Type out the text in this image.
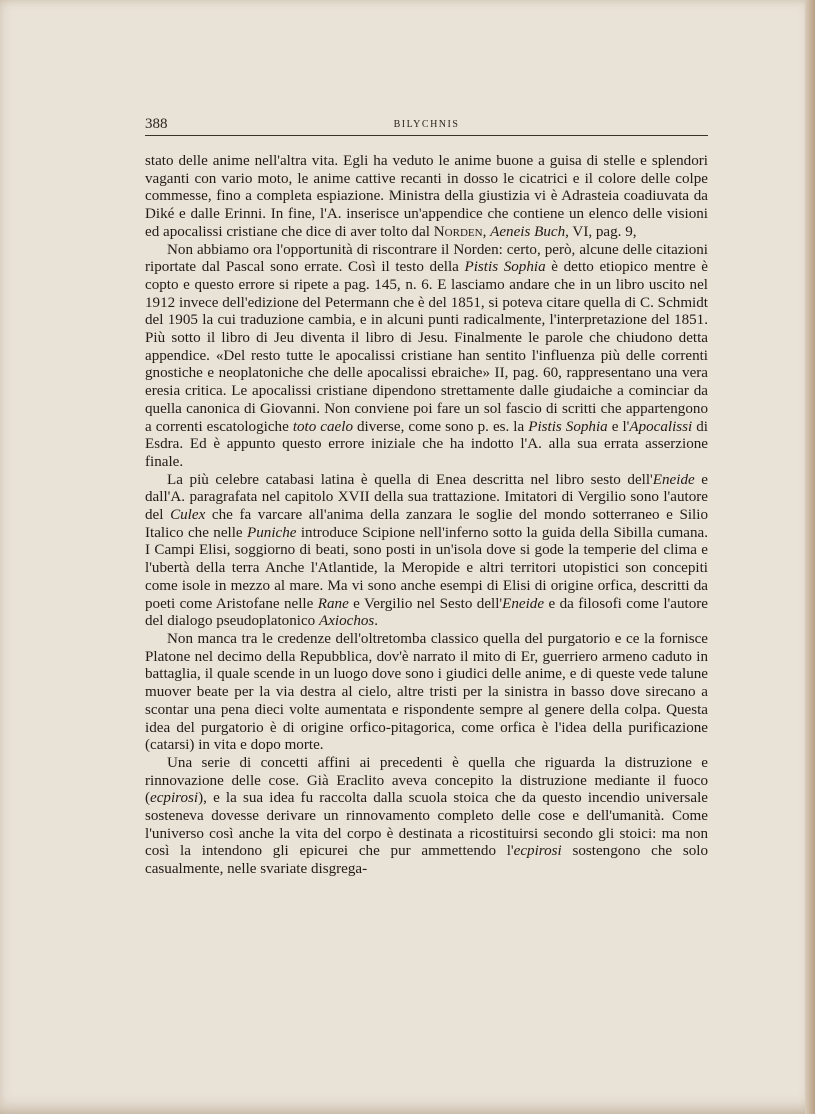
388	BILYCHNIS

stato delle anime nell'altra vita. Egli ha veduto le anime buone a guisa di stelle e splendori vaganti con vario moto, le anime cattive recanti in dosso le cicatrici e il colore delle colpe commesse, fino a completa espiazione. Ministra della giustizia vi è Adrasteia coadiuvata da Diké e dalle Erinni. In fine, l'A. inserisce un'appendice che contiene un elenco delle visioni ed apocalissi cristiane che dice di aver tolto dal Norden, Aeneis Buch, VI, pag. 9,

Non abbiamo ora l'opportunità di riscontrare il Norden: certo, però, alcune delle citazioni riportate dal Pascal sono errate. Così il testo della Pistis Sophia è detto etiopico mentre è copto e questo errore si ripete a pag. 145, n. 6. E lasciamo andare che in un libro uscito nel 1912 invece dell'edizione del Petermann che è del 1851, si poteva citare quella di C. Schmidt del 1905 la cui traduzione cambia, e in alcuni punti radicalmente, l'interpretazione del 1851. Più sotto il libro di Jeu diventa il libro di Jesu. Finalmente le parole che chiudono detta appendice. «Del resto tutte le apocalissi cristiane han sentito l'influenza più delle correnti gnostiche e neoplatoniche che delle apocalissi ebraiche» II, pag. 60, rappresentano una vera eresia critica. Le apocalissi cristiane dipendono strettamente dalle giudaiche a cominciar da quella canonica di Giovanni. Non conviene poi fare un sol fascio di scritti che appartengono a correnti escatologiche toto caelo diverse, come sono p. es. la Pistis Sophia e l'Apocalissi di Esdra. Ed è appunto questo errore iniziale che ha indotto l'A. alla sua errata asserzione finale.

La più celebre catabasi latina è quella di Enea descritta nel libro sesto dell'Eneide e dall'A. paragrafata nel capitolo XVII della sua trattazione. Imitatori di Vergilio sono l'autore del Culex che fa varcare all'anima della zanzara le soglie del mondo sotterraneo e Silio Italico che nelle Puniche introduce Scipione nell'inferno sotto la guida della Sibilla cumana. I Campi Elisi, soggiorno di beati, sono posti in un'isola dove si gode la temperie del clima e l'ubertà della terra Anche l'Atlantide, la Meropide e altri territori utopistici son concepiti come isole in mezzo al mare. Ma vi sono anche esempi di Elisi di origine orfica, descritti da poeti come Aristofane nelle Rane e Vergilio nel Sesto dell'Eneide e da filosofi come l'autore del dialogo pseudoplatonico Axiochos.

Non manca tra le credenze dell'oltretomba classico quella del purgatorio e ce la fornisce Platone nel decimo della Repubblica, dov'è narrato il mito di Er, guerriero armeno caduto in battaglia, il quale scende in un luogo dove sono i giudici delle anime, e di queste vede talune muover beate per la via destra al cielo, altre tristi per la sinistra in basso dove sirecano a scontar una pena dieci volte aumentata e rispondente sempre al genere della colpa. Questa idea del purgatorio è di origine orfico-pitagorica, come orfica è l'idea della purificazione (catarsi) in vita e dopo morte.

Una serie di concetti affini ai precedenti è quella che riguarda la distruzione e rinnovazione delle cose. Già Eraclito aveva concepito la distruzione mediante il fuoco (ecpirosi), e la sua idea fu raccolta dalla scuola stoica che da questo incendio universale sosteneva dovesse derivare un rinnovamento completo delle cose e dell'umanità. Come l'universo così anche la vita del corpo è destinata a ricostituirsi secondo gli stoici: ma non così la intendono gli epicurei che pur ammettendo l'ecpirosi sostengono che solo casualmente, nelle svariate disgrega-
